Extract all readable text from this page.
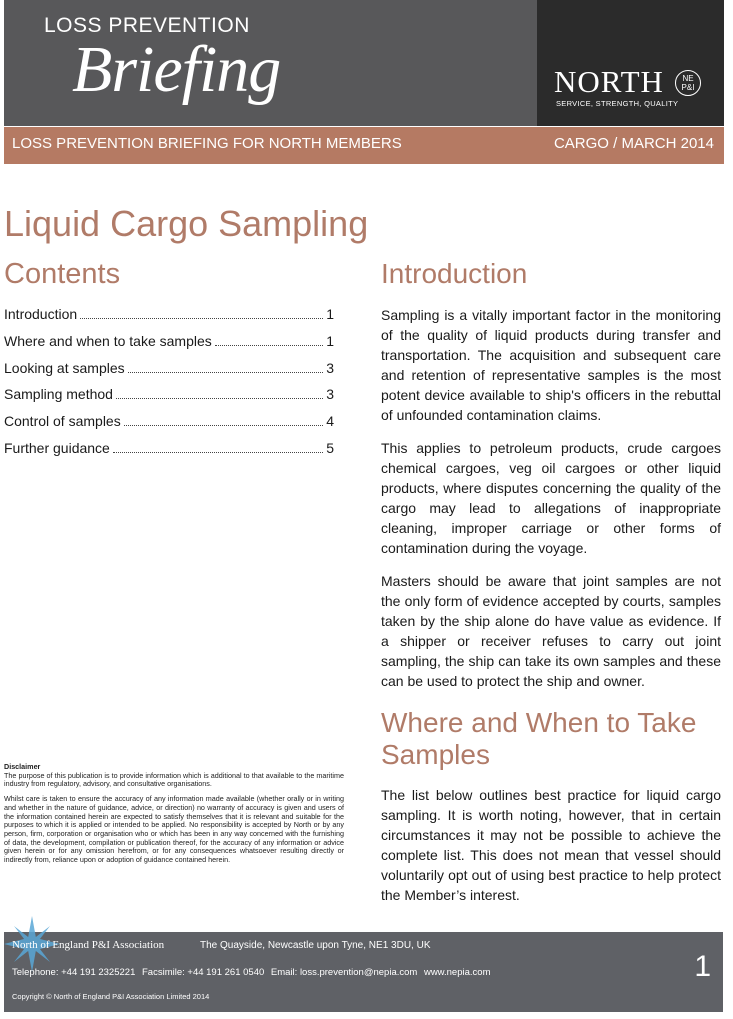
LOSS PREVENTION
Briefing	NORTH
SERVICE, STRENGTH, QUALITY
NE
P&I
LOSS PREVENTION BRIEFING FOR NORTH MEMBERS	CARGO / MARCH 2014
Liquid Cargo Sampling
Contents
Introduction	1
Where and when to take samples	1
Looking at samples	3
Sampling method	3
Control of samples	4
Further guidance	5
Introduction
Sampling is a vitally important factor in the monitoring of the quality of liquid products during transfer and transportation. The acquisition and subsequent care and retention of representative samples is the most potent device available to ship's officers in the rebuttal of unfounded contamination claims.
This applies to petroleum products, crude cargoes chemical cargoes, veg oil cargoes or other liquid products, where disputes concerning the quality of the cargo may lead to allegations of inappropriate cleaning, improper carriage or other forms of contamination during the voyage.
Masters should be aware that joint samples are not the only form of evidence accepted by courts, samples taken by the ship alone do have value as evidence. If a shipper or receiver refuses to carry out joint sampling, the ship can take its own samples and these can be used to protect the ship and owner.
Where and When to Take Samples
The list below outlines best practice for liquid cargo sampling. It is worth noting, however, that in certain circumstances it may not be possible to achieve the complete list. This does not mean that vessel should voluntarily opt out of using best practice to help protect the Member’s interest.
Disclaimer

The purpose of this publication is to provide information which is additional to that available to the maritime industry from regulatory, advisory, and consultative organisations.

Whilst care is taken to ensure the accuracy of any information made available (whether orally or in writing and whether in the nature of guidance, advice, or direction) no warranty of accuracy is given and users of the information contained herein are expected to satisfy themselves that it is relevant and suitable for the purposes to which it is applied or intended to be applied. No responsibility is accepted by North or by any person, firm, corporation or organisation who or which has been in any way concerned with the furnishing of data, the development, compilation or publication thereof, for the accuracy of any information or advice given herein or for any omission herefrom, or for any consequences whatsoever resulting directly or indirectly from, reliance upon or adoption of guidance contained herein.

North of England P&I Association	The Quayside, Newcastle upon Tyne, NE1 3DU, UK
Telephone: +44 191 2325221 Facsimile: +44 191 261 0540 Email: loss.prevention@nepia.com www.nepia.com
Copyright © North of England P&I Association Limited 2014
1
